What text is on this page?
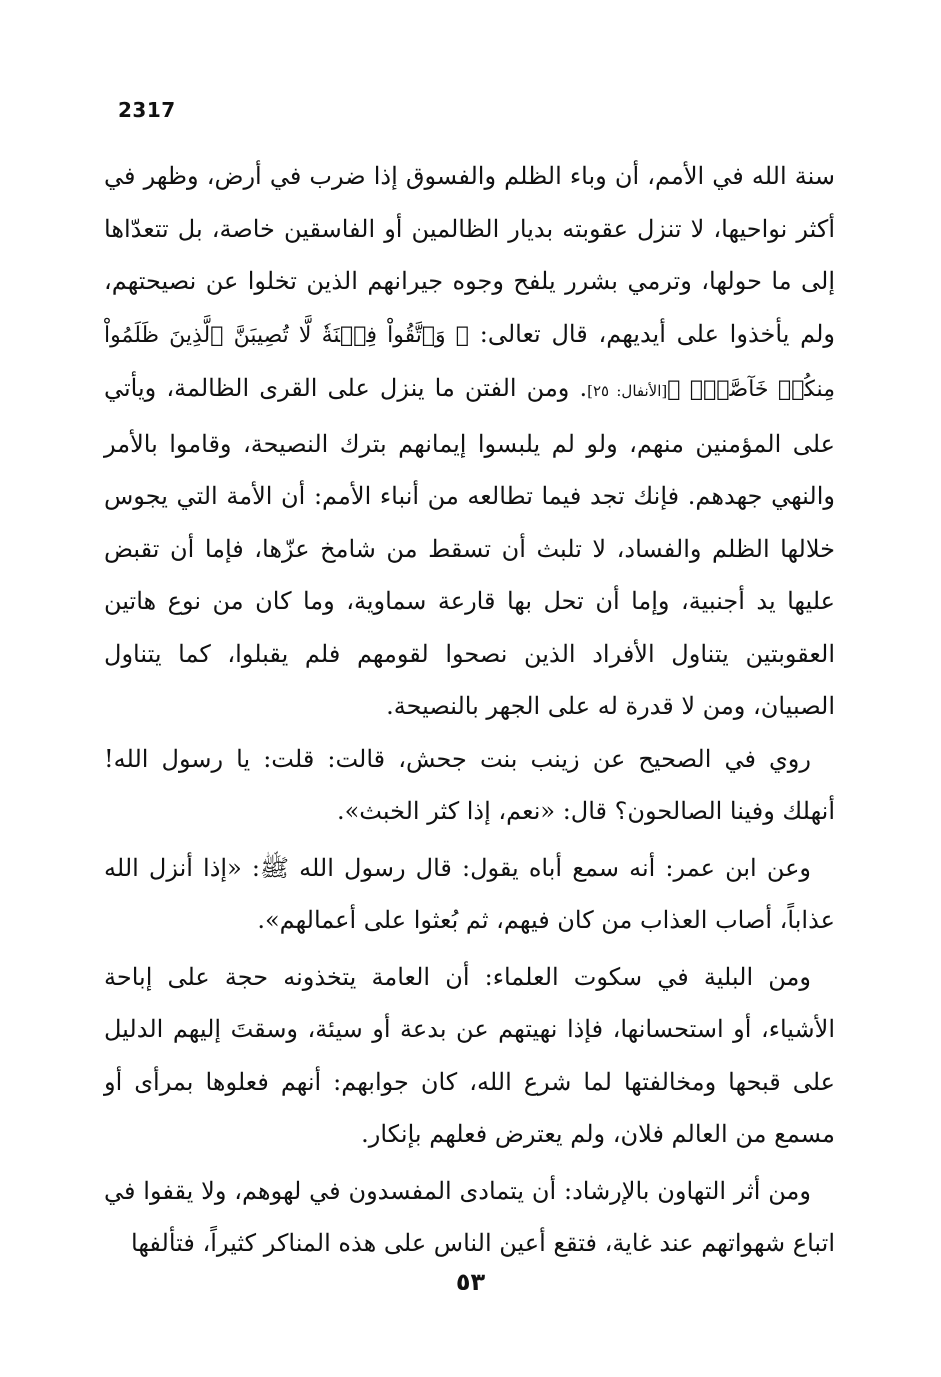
2317

سنة الله في الأمم، أن وباء الظلم والفسوق إذا ضرب في أرض، وظهر في أكثر نواحيها، لا تنزل عقوبته بديار الظالمين أو الفاسقين خاصة، بل تتعدّاها إلى ما حولها، وترمي بشرر يلفح وجوه جيرانهم الذين تخلوا عن نصيحتهم، ولم يأخذوا على أيديهم، قال تعالى: ﴿ وَٱتَّقُواْ فِتۡنَةٗ لَّا تُصِيبَنَّ ٱلَّذِينَ ظَلَمُواْ مِنكُمۡ خَآصَّةٗۖ ﴾[الأنفال: ٢٥]. ومن الفتن ما ينزل على القرى الظالمة، ويأتي على المؤمنين منهم، ولو لم يلبسوا إيمانهم بترك النصيحة، وقاموا بالأمر والنهي جهدهم. فإنك تجد فيما تطالعه من أنباء الأمم: أن الأمة التي يجوس خلالها الظلم والفساد، لا تلبث أن تسقط من شامخ عزّها، فإما أن تقبض عليها يد أجنبية، وإما أن تحل بها قارعة سماوية، وما كان من نوع هاتين العقوبتين يتناول الأفراد الذين نصحوا لقومهم فلم يقبلوا، كما يتناول الصبيان، ومن لا قدرة له على الجهر بالنصيحة.

روي في الصحيح عن زينب بنت جحش، قالت: قلت: يا رسول الله! أنهلك وفينا الصالحون؟ قال: «نعم، إذا كثر الخبث».

وعن ابن عمر: أنه سمع أباه يقول: قال رسول الله ﷺ: «إذا أنزل الله عذاباً، أصاب العذاب من كان فيهم، ثم بُعثوا على أعمالهم».

ومن البلية في سكوت العلماء: أن العامة يتخذونه حجة على إباحة الأشياء، أو استحسانها، فإذا نهيتهم عن بدعة أو سيئة، وسقتَ إليهم الدليل على قبحها ومخالفتها لما شرع الله، كان جوابهم: أنهم فعلوها بمرأى أو مسمع من العالم فلان، ولم يعترض فعلهم بإنكار.

ومن أثر التهاون بالإرشاد: أن يتمادى المفسدون في لهوهم، ولا يقفوا في اتباع شهواتهم عند غاية، فتقع أعين الناس على هذه المناكر كثيراً، فتألفها

٥٣
